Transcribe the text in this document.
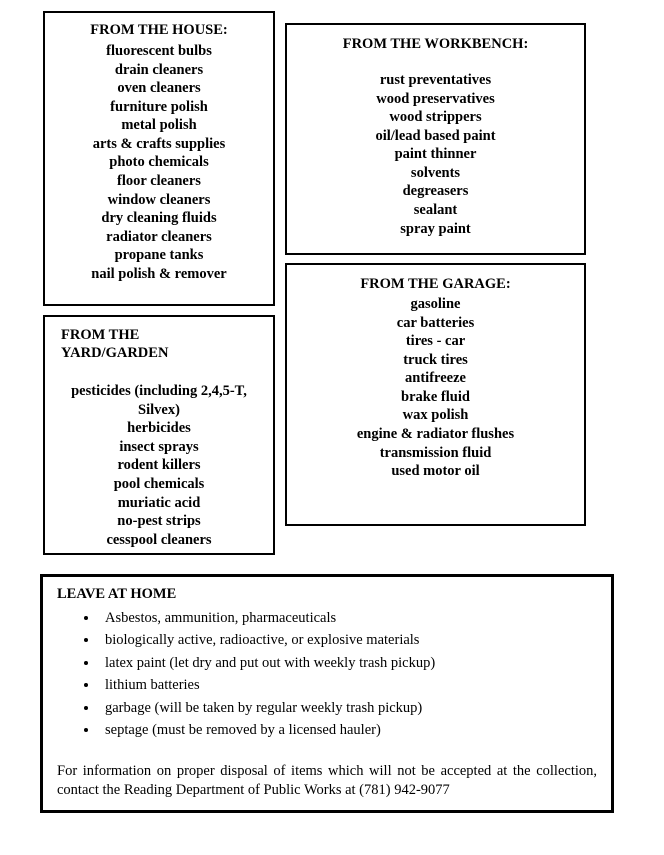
FROM THE HOUSE:
fluorescent bulbs
drain cleaners
oven cleaners
furniture polish
metal polish
arts & crafts supplies
photo chemicals
floor cleaners
window cleaners
dry cleaning fluids
radiator cleaners
propane tanks
nail polish & remover
FROM THE WORKBENCH:
rust preventatives
wood preservatives
wood strippers
oil/lead based paint
paint thinner
solvents
degreasers
sealant
spray paint
FROM THE
YARD/GARDEN
pesticides (including 2,4,5-T, Silvex)
herbicides
insect sprays
rodent killers
pool chemicals
muriatic acid
no-pest strips
cesspool cleaners
FROM THE GARAGE:
gasoline
car batteries
tires - car
truck tires
antifreeze
brake fluid
wax polish
engine & radiator flushes
transmission fluid
used motor oil
LEAVE AT HOME
• Asbestos, ammunition, pharmaceuticals
• biologically active, radioactive, or explosive materials
• latex paint (let dry and put out with weekly trash pickup)
• lithium batteries
• garbage (will be taken by regular weekly trash pickup)
• septage (must be removed by a licensed hauler)
For information on proper disposal of items which will not be accepted at the collection, contact the Reading Department of Public Works at (781) 942-9077
